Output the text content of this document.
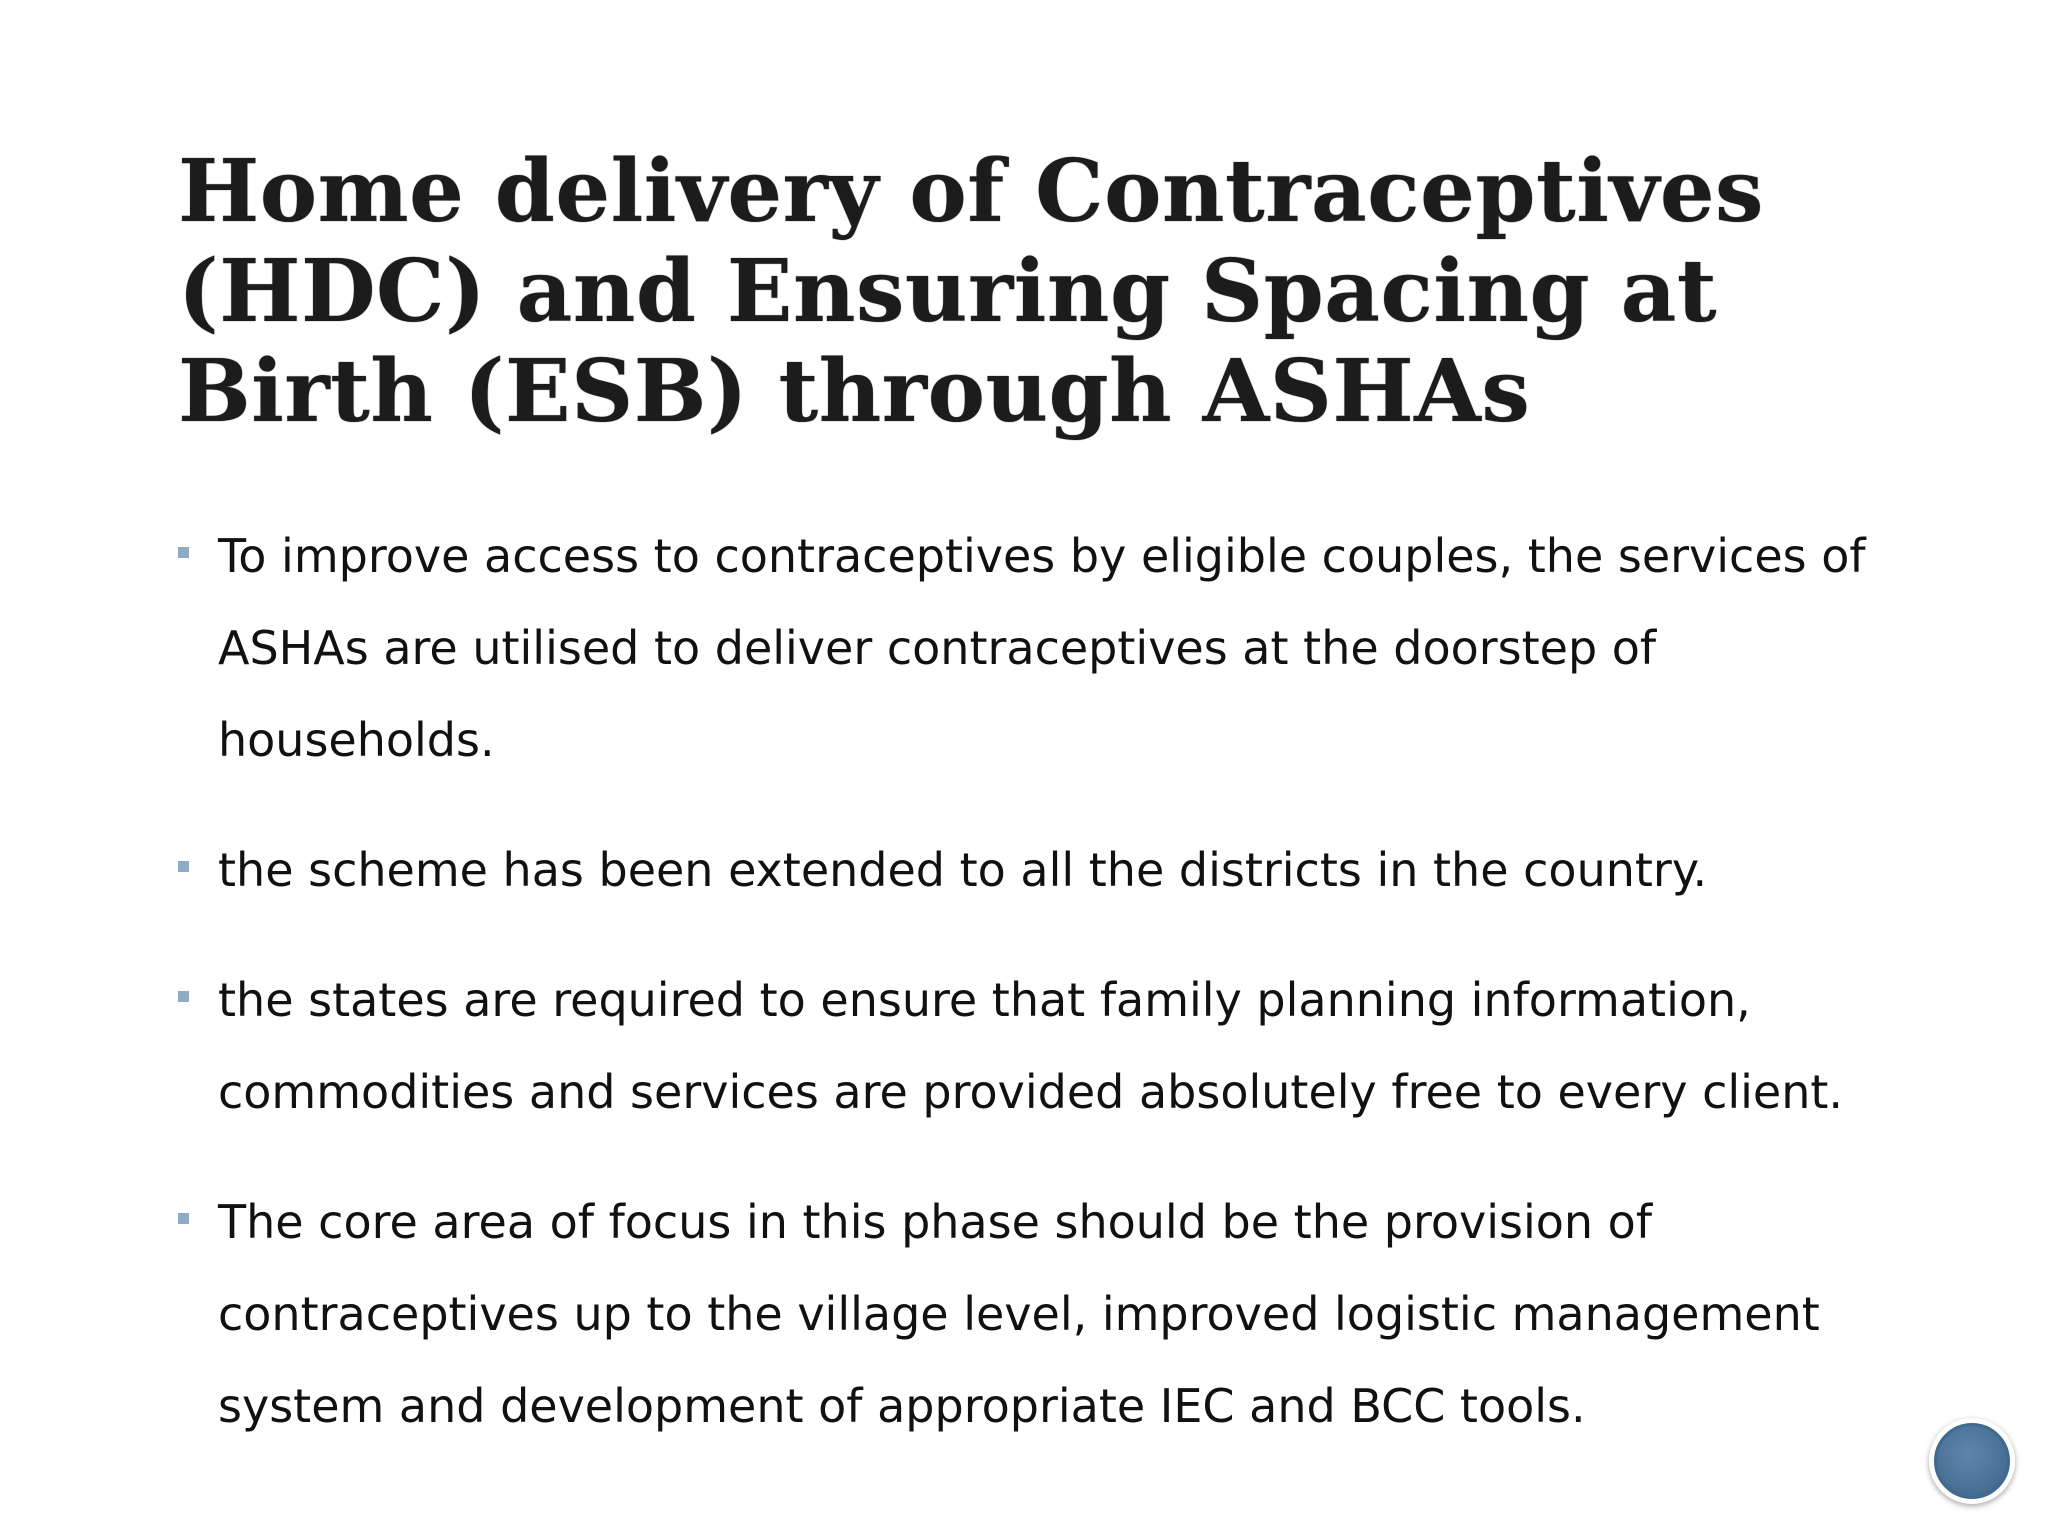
Home delivery of Contraceptives (HDC) and Ensuring Spacing at Birth (ESB) through ASHAs
To improve access to contraceptives by eligible couples, the services of ASHAs are utilised to deliver contraceptives at the doorstep of households.
the scheme has been extended to all the districts in the country.
the states are required to ensure that family planning information, commodities and services are provided absolutely free to every client.
The core area of focus in this phase should be the provision of contraceptives up to the village level, improved logistic management system and development of appropriate IEC and BCC tools.
